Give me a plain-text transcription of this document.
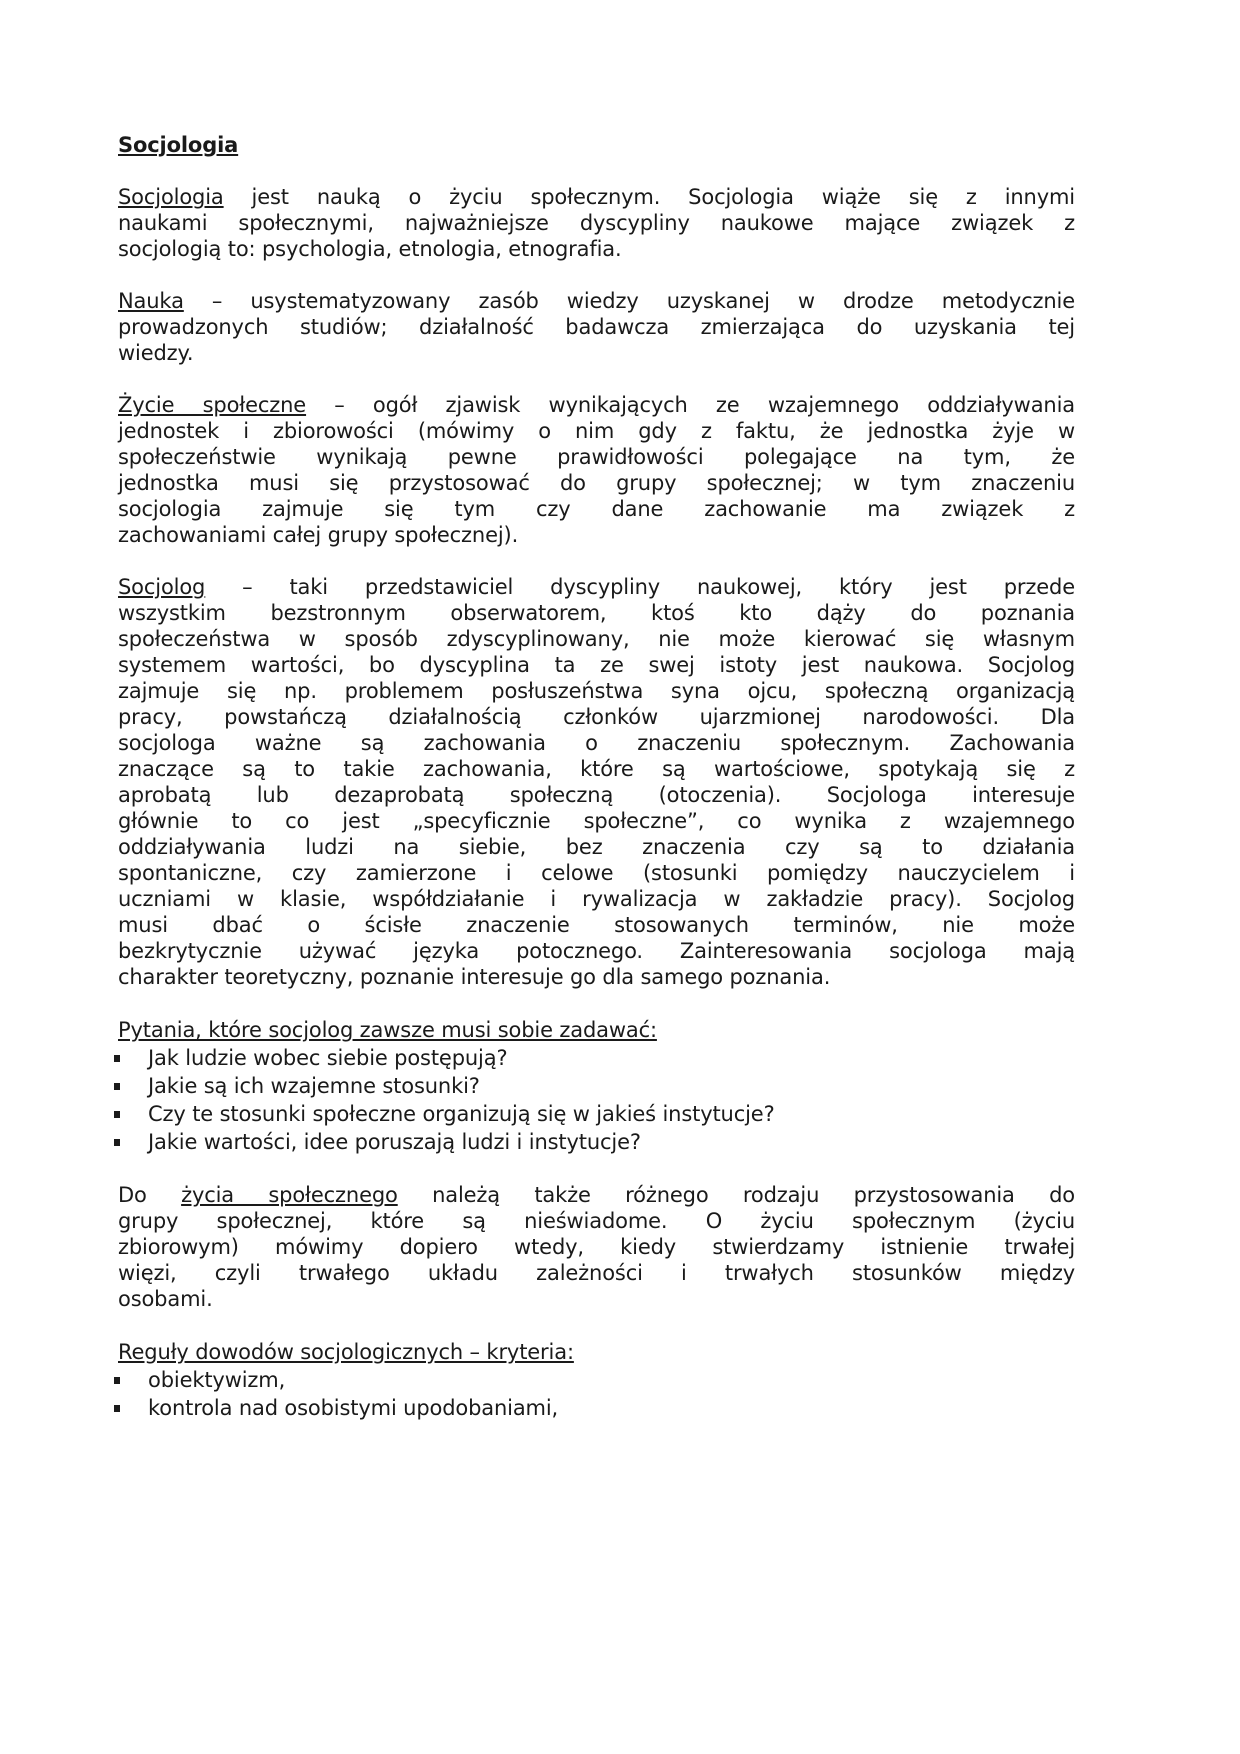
Socjologia
Socjologia jest nauką o życiu społecznym. Socjologia wiąże się z innymi
naukami społecznymi, najważniejsze dyscypliny naukowe mające związek z
socjologią to: psychologia, etnologia, etnografia.
Nauka – usystematyzowany zasób wiedzy uzyskanej w drodze metodycznie
prowadzonych studiów; działalność badawcza zmierzająca do uzyskania tej
wiedzy.
Życie społeczne – ogół zjawisk wynikających ze wzajemnego oddziaływania
jednostek i zbiorowości (mówimy o nim gdy z faktu, że jednostka żyje w
społeczeństwie wynikają pewne prawidłowości polegające na tym, że
jednostka musi się przystosować do grupy społecznej; w tym znaczeniu
socjologia zajmuje się tym czy dane zachowanie ma związek z
zachowaniami całej grupy społecznej).
Socjolog – taki przedstawiciel dyscypliny naukowej, który jest przede
wszystkim bezstronnym obserwatorem, ktoś kto dąży do poznania
społeczeństwa w sposób zdyscyplinowany, nie może kierować się własnym
systemem wartości, bo dyscyplina ta ze swej istoty jest naukowa. Socjolog
zajmuje się np. problemem posłuszeństwa syna ojcu, społeczną organizacją
pracy, powstańczą działalnością członków ujarzmionej narodowości. Dla
socjologa ważne są zachowania o znaczeniu społecznym. Zachowania
znaczące są to takie zachowania, które są wartościowe, spotykają się z
aprobatą lub dezaprobatą społeczną (otoczenia). Socjologa interesuje
głównie to co jest „specyficznie społeczne”, co wynika z wzajemnego
oddziaływania ludzi na siebie, bez znaczenia czy są to działania
spontaniczne, czy zamierzone i celowe (stosunki pomiędzy nauczycielem i
uczniami w klasie, współdziałanie i rywalizacja w zakładzie pracy). Socjolog
musi dbać o ścisłe znaczenie stosowanych terminów, nie może
bezkrytycznie używać języka potocznego. Zainteresowania socjologa mają
charakter teoretyczny, poznanie interesuje go dla samego poznania.
Pytania, które socjolog zawsze musi sobie zadawać:
Jak ludzie wobec siebie postępują?
Jakie są ich wzajemne stosunki?
Czy te stosunki społeczne organizują się w jakieś instytucje?
Jakie wartości, idee poruszają ludzi i instytucje?
Do życia społecznego należą także różnego rodzaju przystosowania do
grupy społecznej, które są nieświadome. O życiu społecznym (życiu
zbiorowym) mówimy dopiero wtedy, kiedy stwierdzamy istnienie trwałej
więzi, czyli trwałego układu zależności i trwałych stosunków między
osobami.
Reguły dowodów socjologicznych – kryteria:
obiektywizm,
kontrola nad osobistymi upodobaniami,
